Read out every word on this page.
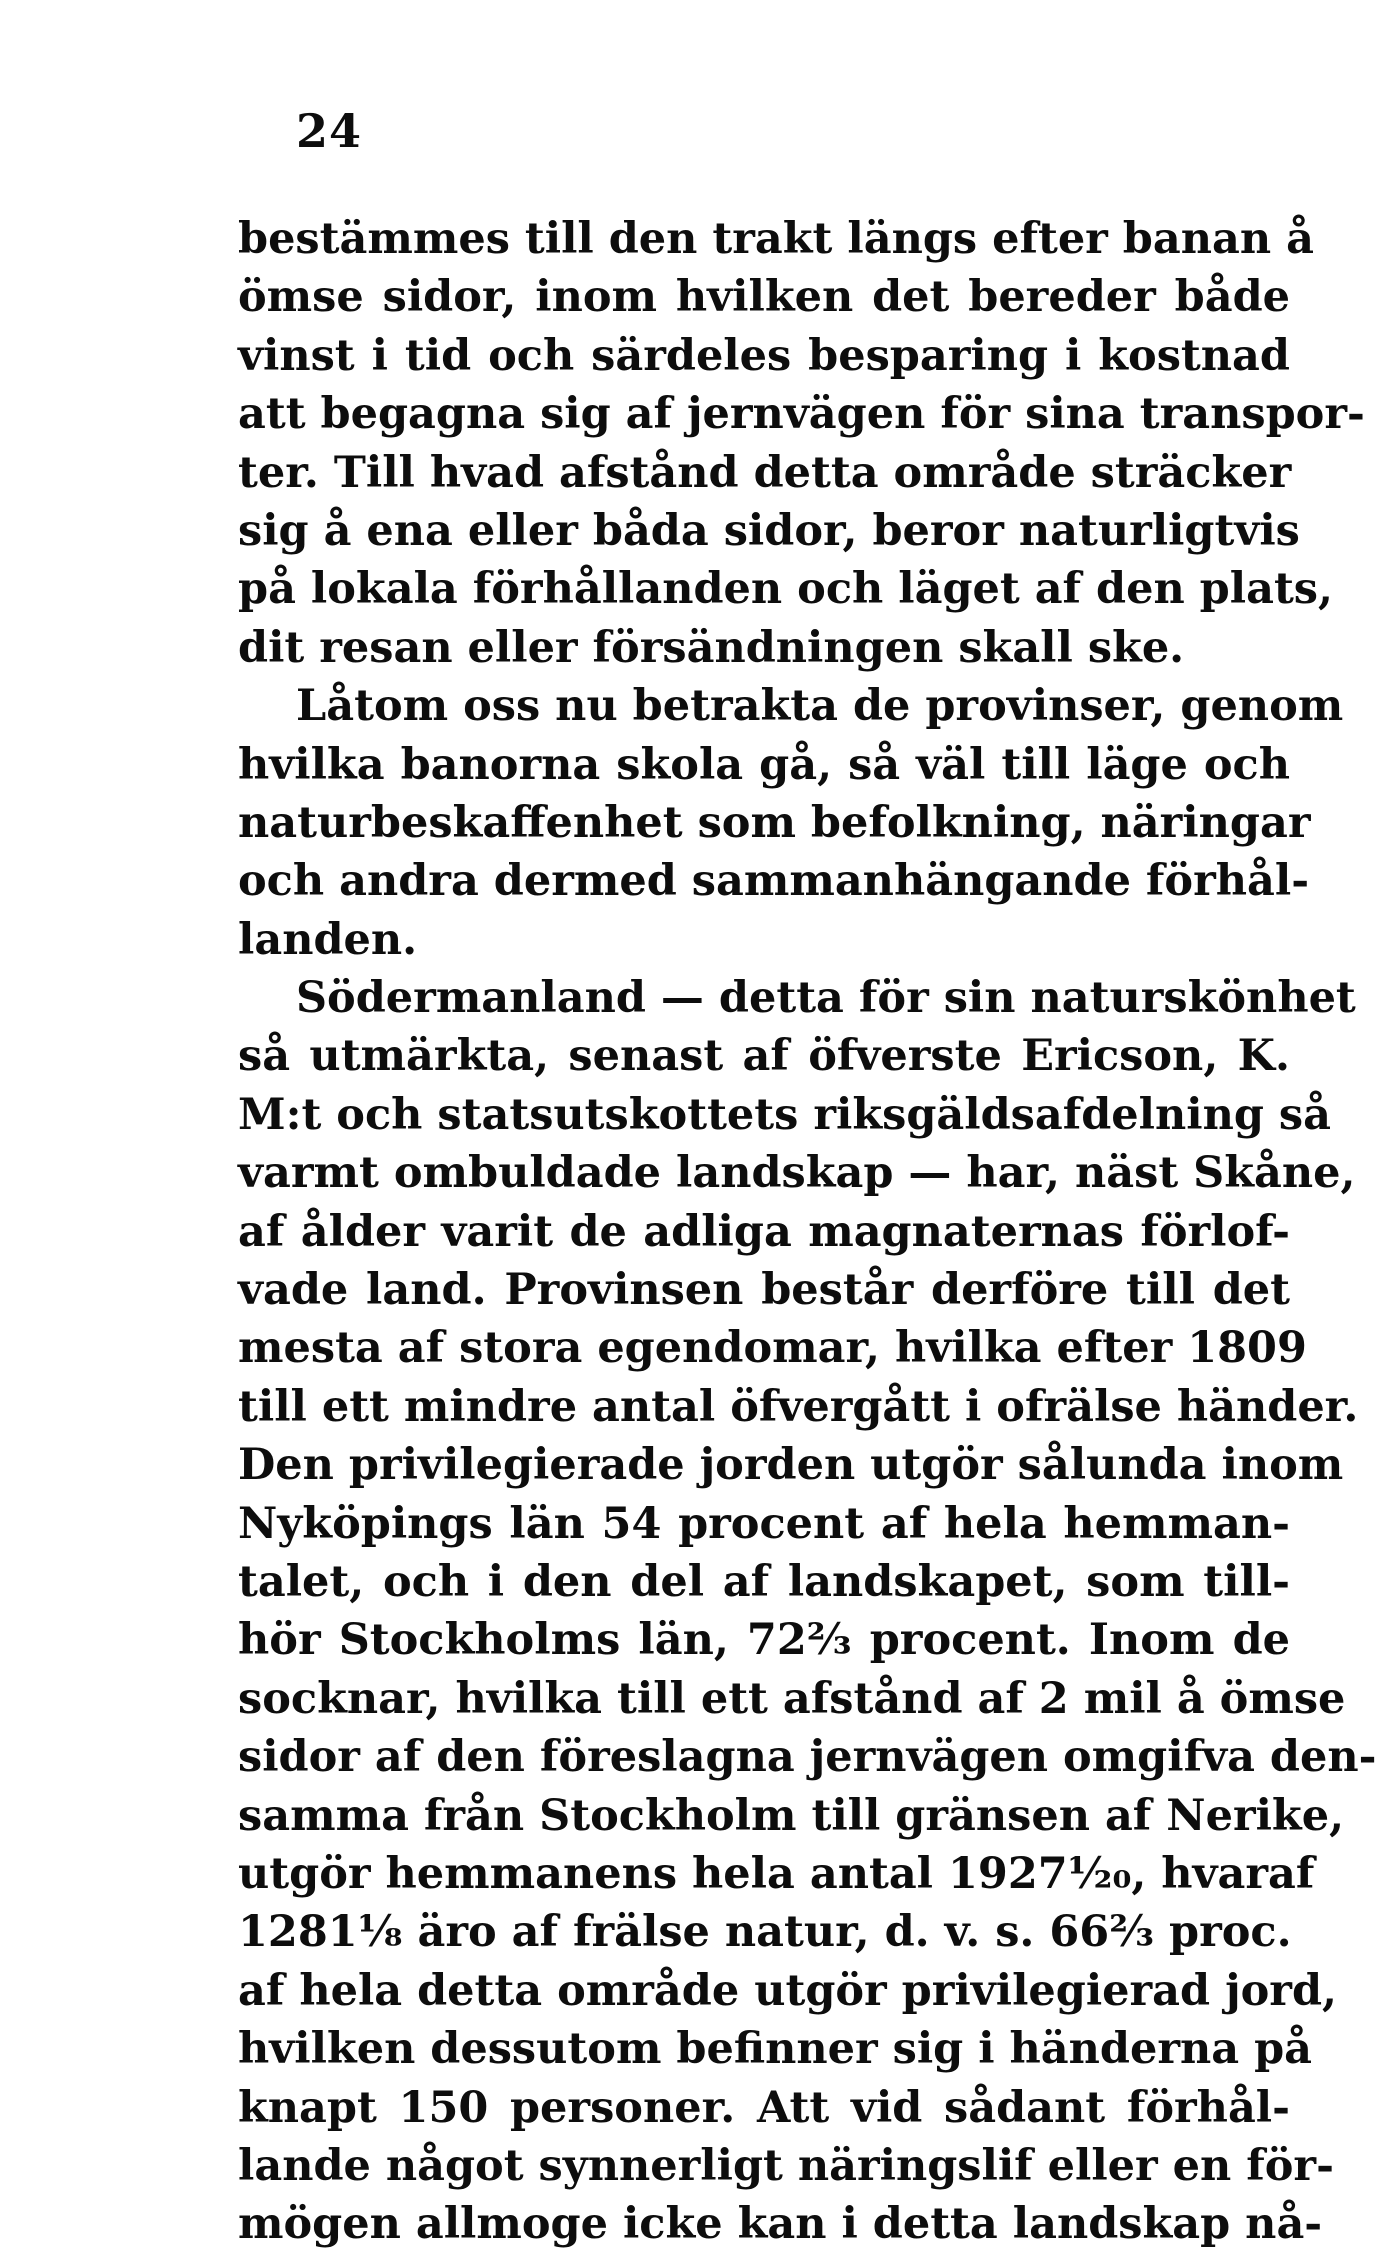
24
bestämmes till den trakt längs efter banan å
ömse sidor, inom hvilken det bereder både
vinst i tid och särdeles besparing i kostnad
att begagna sig af jernvägen för sina transpor-
ter. Till hvad afstånd detta område sträcker
sig å ena eller båda sidor, beror naturligtvis
på lokala förhållanden och läget af den plats,
dit resan eller försändningen skall ske.
Låtom oss nu betrakta de provinser, genom
hvilka banorna skola gå, så väl till läge och
naturbeskaffenhet som befolkning, näringar
och andra dermed sammanhängande förhål-
landen.
Södermanland — detta för sin naturskönhet
så utmärkta, senast af öfverste Ericson, K.
M:t och statsutskottets riksgäldsafdelning så
varmt ombuldade landskap — har, näst Skåne,
af ålder varit de adliga magnaternas förlof-
vade land. Provinsen består derföre till det
mesta af stora egendomar, hvilka efter 1809
till ett mindre antal öfvergått i ofrälse händer.
Den privilegierade jorden utgör sålunda inom
Nyköpings län 54 procent af hela hemman-
talet, och i den del af landskapet, som till-
hör Stockholms län, 72²⁄₃ procent. Inom de
socknar, hvilka till ett afstånd af 2 mil å ömse
sidor af den föreslagna jernvägen omgifva den-
samma från Stockholm till gränsen af Nerike,
utgör hemmanens hela antal 1927¹⁄₂₀, hvaraf
1281¹⁄₈ äro af frälse natur, d. v. s. 66²⁄₃ proc.
af hela detta område utgör privilegierad jord,
hvilken dessutom befinner sig i händerna på
knapt 150 personer. Att vid sådant förhål-
lande något synnerligt näringslif eller en för-
mögen allmoge icke kan i detta landskap nå-
